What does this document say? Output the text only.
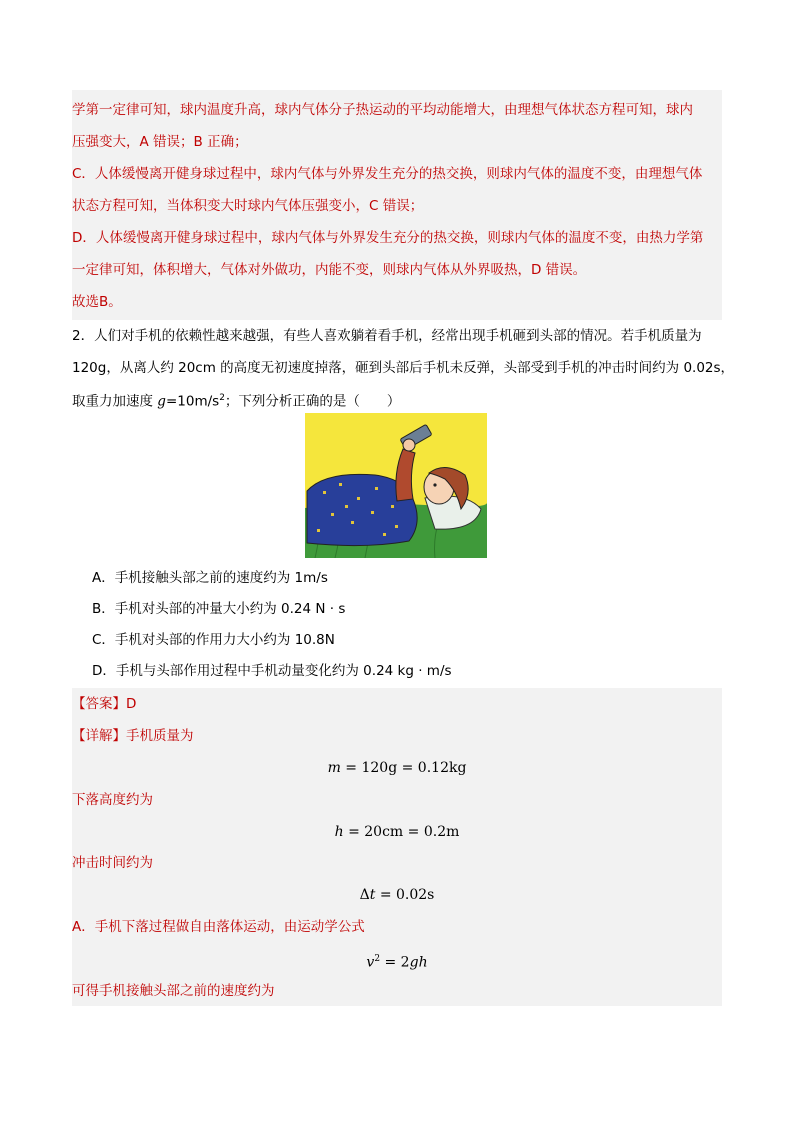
学第一定律可知，球内温度升高，球内气体分子热运动的平均动能增大，由理想气体状态方程可知，球内
压强变大，A 错误；B 正确；
C．人体缓慢离开健身球过程中，球内气体与外界发生充分的热交换，则球内气体的温度不变，由理想气体
状态方程可知，当体积变大时球内气体压强变小，C 错误；
D．人体缓慢离开健身球过程中，球内气体与外界发生充分的热交换，则球内气体的温度不变，由热力学第
一定律可知，体积增大，气体对外做功，内能不变，则球内气体从外界吸热，D 错误。
故选B。
2．人们对手机的依赖性越来越强，有些人喜欢躺着看手机，经常出现手机砸到头部的情况。若手机质量为
120g，从离人约 20cm 的高度无初速度掉落，砸到头部后手机未反弹，头部受到手机的冲击时间约为 0.02s，
取重力加速度 $g=10m/s^2$；下列分析正确的是（　　）
A．手机接触头部之前的速度约为 1m/s
B．手机对头部的冲量大小约为 0.24 N · s
C．手机对头部的作用力大小约为 10.8N
D．手机与头部作用过程中手机动量变化约为 0.24 kg · m/s
【答案】D
【详解】手机质量为
m = 120g = 0.12kg
下落高度约为
h = 20cm = 0.2m
冲击时间约为
Δt = 0.02s
A．手机下落过程做自由落体运动，由运动学公式
$v^2 = 2gh$
可得手机接触头部之前的速度约为
